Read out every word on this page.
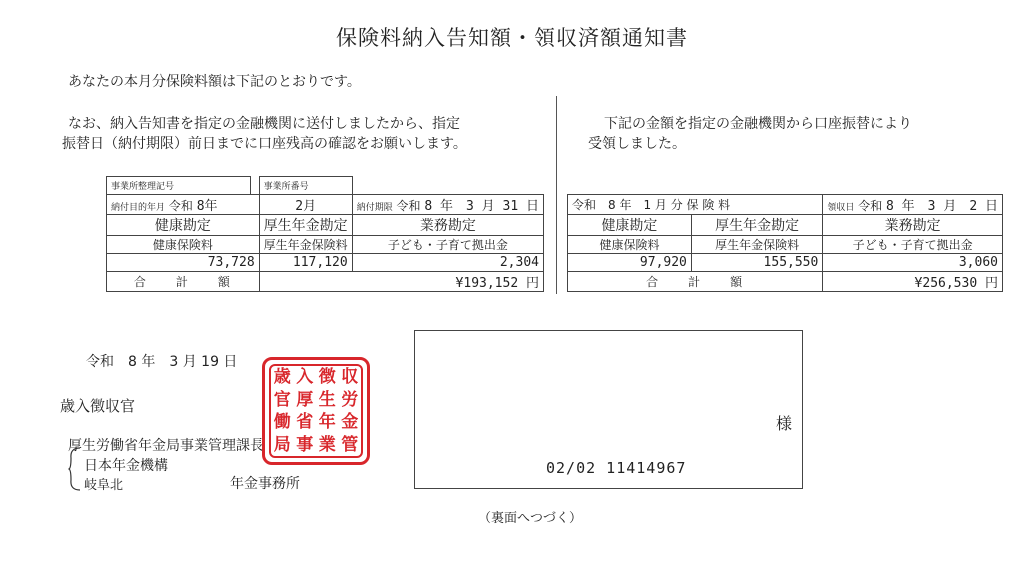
保険料納入告知額・領収済額通知書
あなたの本月分保険料額は下記のとおりです。
なお、納入告知書を指定の金融機関に送付しましたから、指定
振替日（納付期限）前日までに口座残高の確認をお願いします。
下記の金額を指定の金融機関から口座振替により
受領しました。
事業所整理記号		事業所番号	
納付目的年月 令和 8年		2月	納付期限 令和 8 年　3 月 31 日
健康勘定		厚生年金勘定	業務勘定
健康保険料		厚生年金保険料	子ども・子育て拠出金
73,728		117,120	2,304
合　　計　　額		¥193,152 円	
令和　8 年　1 月 分 保 険 料		領収日 令和 8 年　3 月　2 日
健康勘定	厚生年金勘定	業務勘定
健康保険料	厚生年金保険料	子ども・子育て拠出金
97,920	155,550	3,060
合　　計　　額		¥256,530 円
令和　8 年　3 月 19 日
歳入徴収官
厚生労働省年金局事業管理課長
日本年金機構
岐阜北	年金事務所
歳 入 徴 収
官 厚 生 労
働 省 年 金
局 事 業 管
様
02/02 11414967
（裏面へつづく）
